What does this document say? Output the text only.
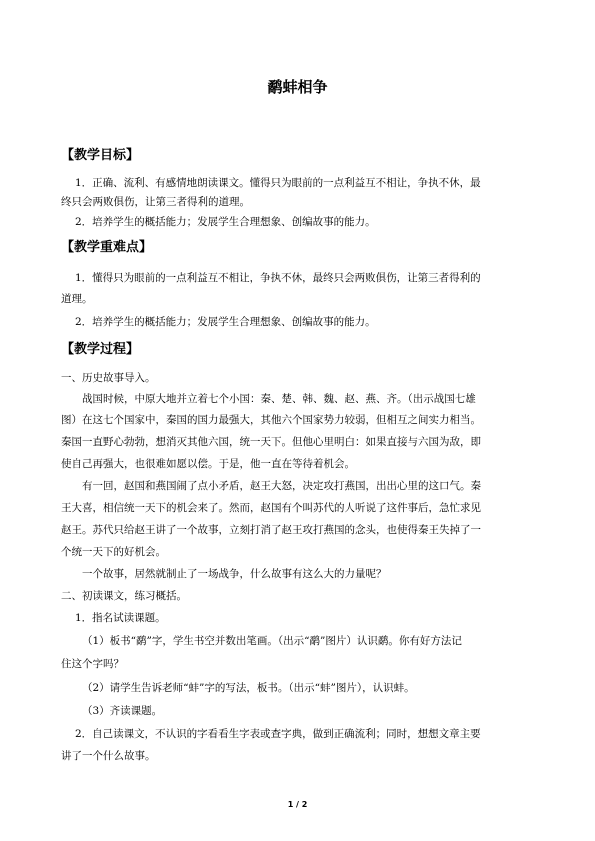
鹬蚌相争
【教学目标】
1．正确、流利、有感情地朗读课文。懂得只为眼前的一点利益互不相让，争执不休，最
终只会两败俱伤，让第三者得利的道理。
2．培养学生的概括能力；发展学生合理想象、创编故事的能力。
【教学重难点】
1．懂得只为眼前的一点利益互不相让，争执不休，最终只会两败俱伤，让第三者得利的
道理。
2．培养学生的概括能力；发展学生合理想象、创编故事的能力。
【教学过程】
一、历史故事导入。
战国时候，中原大地并立着七个小国：秦、楚、韩、魏、赵、燕、齐。（出示战国七雄
图）在这七个国家中，秦国的国力最强大，其他六个国家势力较弱，但相互之间实力相当。
秦国一直野心勃勃，想消灭其他六国，统一天下。但他心里明白：如果直接与六国为敌，即
使自己再强大，也很难如愿以偿。于是，他一直在等待着机会。
有一回，赵国和燕国闹了点小矛盾，赵王大怒，决定攻打燕国，出出心里的这口气。秦
王大喜，相信统一天下的机会来了。然而，赵国有个叫苏代的人听说了这件事后，急忙求见
赵王。苏代只给赵王讲了一个故事，立刻打消了赵王攻打燕国的念头，也使得秦王失掉了一
个统一天下的好机会。
一个故事，居然就制止了一场战争，什么故事有这么大的力量呢？
二、初读课文，练习概括。
1．指名试读课题。
（1）板书“鹬”字，学生书空并数出笔画。（出示“鹬”图片）认识鹬。你有好方法记
住这个字吗？
（2）请学生告诉老师“蚌”字的写法，板书。（出示“蚌”图片），认识蚌。
（3）齐读课题。
2．自己读课文，不认识的字看看生字表或查字典，做到正确流利；同时，想想文章主要
讲了一个什么故事。
1 / 2
